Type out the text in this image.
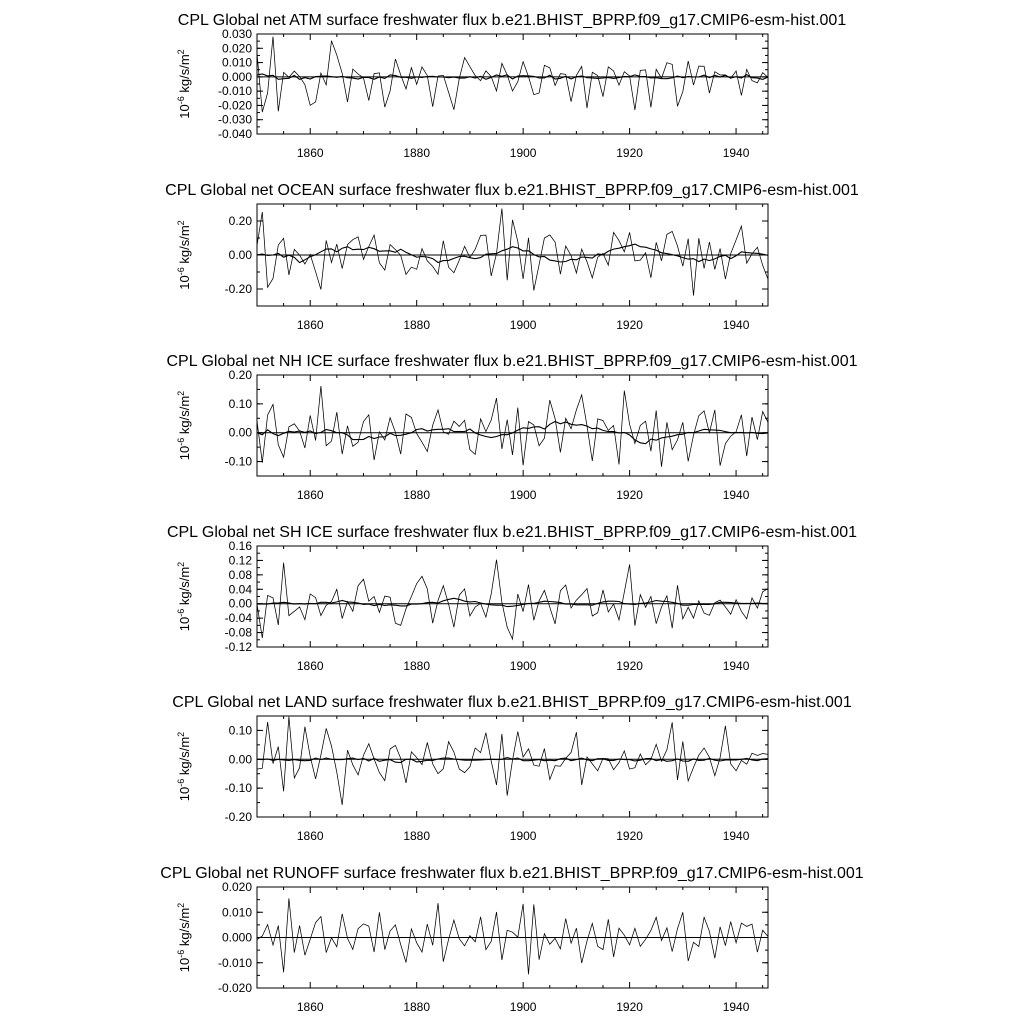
CPL Global net ATM surface freshwater flux b.e21.BHIST_BPRP.f09_g17.CMIP6-esm-hist.001
1860	1880	1900	1920	1940
-0.040
-0.030
-0.020
-0.010
0.000
0.010
0.020
0.030
$10^{-6}$ $kg/s/m^2$
CPL Global net OCEAN surface freshwater flux b.e21.BHIST_BPRP.f09_g17.CMIP6-esm-hist.001
1860	1880	1900	1920	1940
-0.20
0.00
0.20
$10^{-6}$ $kg/s/m^2$
CPL Global net NH ICE surface freshwater flux b.e21.BHIST_BPRP.f09_g17.CMIP6-esm-hist.001
1860	1880	1900	1920	1940
-0.10
0.00
0.10
0.20
$10^{-6}$ $kg/s/m^2$
CPL Global net SH ICE surface freshwater flux b.e21.BHIST_BPRP.f09_g17.CMIP6-esm-hist.001
1860	1880	1900	1920	1940
-0.12
-0.08
-0.04
0.00
0.04
0.08
0.12
0.16
$10^{-6}$ $kg/s/m^2$
CPL Global net LAND surface freshwater flux b.e21.BHIST_BPRP.f09_g17.CMIP6-esm-hist.001
1860	1880	1900	1920	1940
-0.20
-0.10
0.00
0.10
$10^{-6}$ $kg/s/m^2$
CPL Global net RUNOFF surface freshwater flux b.e21.BHIST_BPRP.f09_g17.CMIP6-esm-hist.001
1860	1880	1900	1920	1940
-0.020
-0.010
0.000
0.010
0.020
$10^{-6}$ $kg/s/m^2$
